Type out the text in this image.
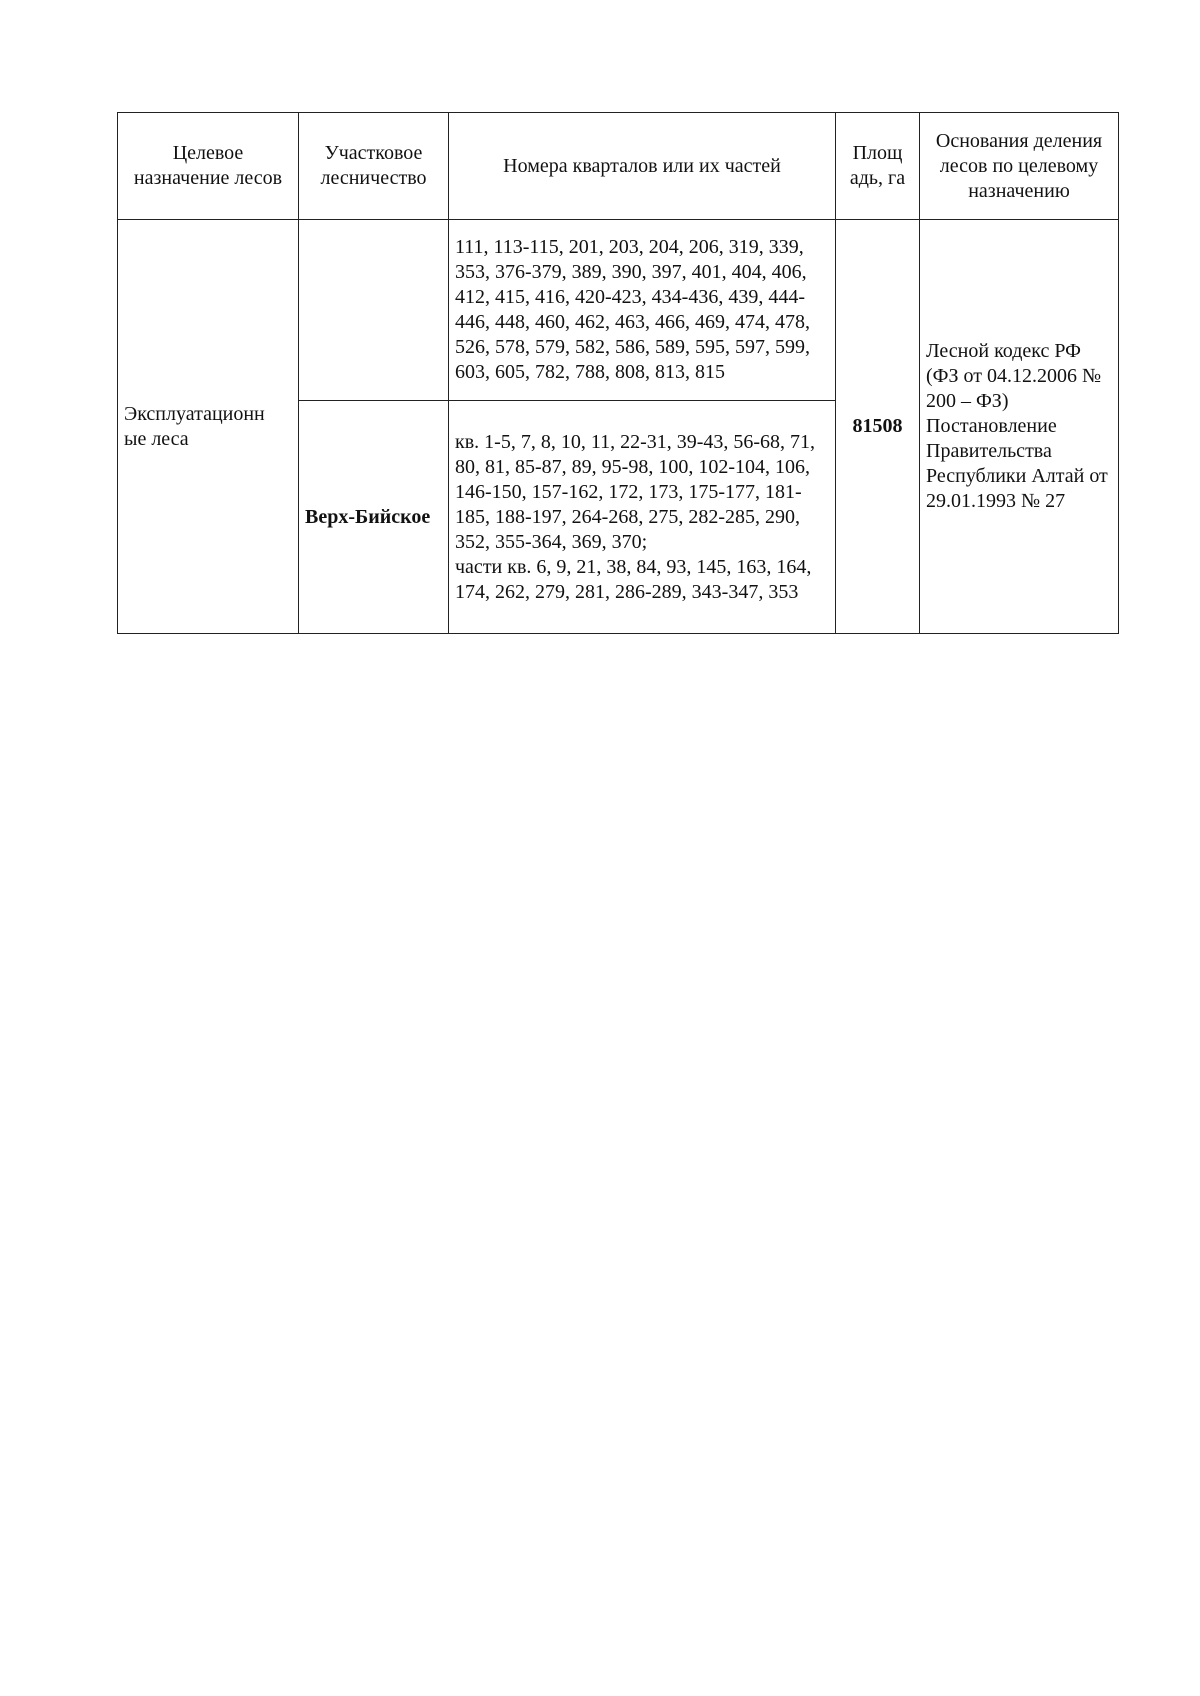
Целевое назначение лесов	Участковое лесничество	Номера кварталов или их частей	Площ адь, га	Основания деления лесов по целевому назначению
Эксплуатационн ые леса		111, 113-115, 201, 203, 204, 206, 319, 339, 353, 376-379, 389, 390, 397, 401, 404, 406, 412, 415, 416, 420-423, 434-436, 439, 444-446, 448, 460, 462, 463, 466, 469, 474, 478, 526, 578, 579, 582, 586, 589, 595, 597, 599, 603, 605, 782, 788, 808, 813, 815	81508	Лесной кодекс РФ (ФЗ от 04.12.2006 № 200 – ФЗ) Постановление Правительства Республики Алтай от 29.01.1993 № 27
	Верх-Бийское	кв. 1-5, 7, 8, 10, 11, 22-31, 39-43, 56-68, 71, 80, 81, 85-87, 89, 95-98, 100, 102-104, 106, 146-150, 157-162, 172, 173, 175-177, 181-185, 188-197, 264-268, 275, 282-285, 290, 352, 355-364, 369, 370;
части кв. 6, 9, 21, 38, 84, 93, 145, 163, 164, 174, 262, 279, 281, 286-289, 343-347, 353		
